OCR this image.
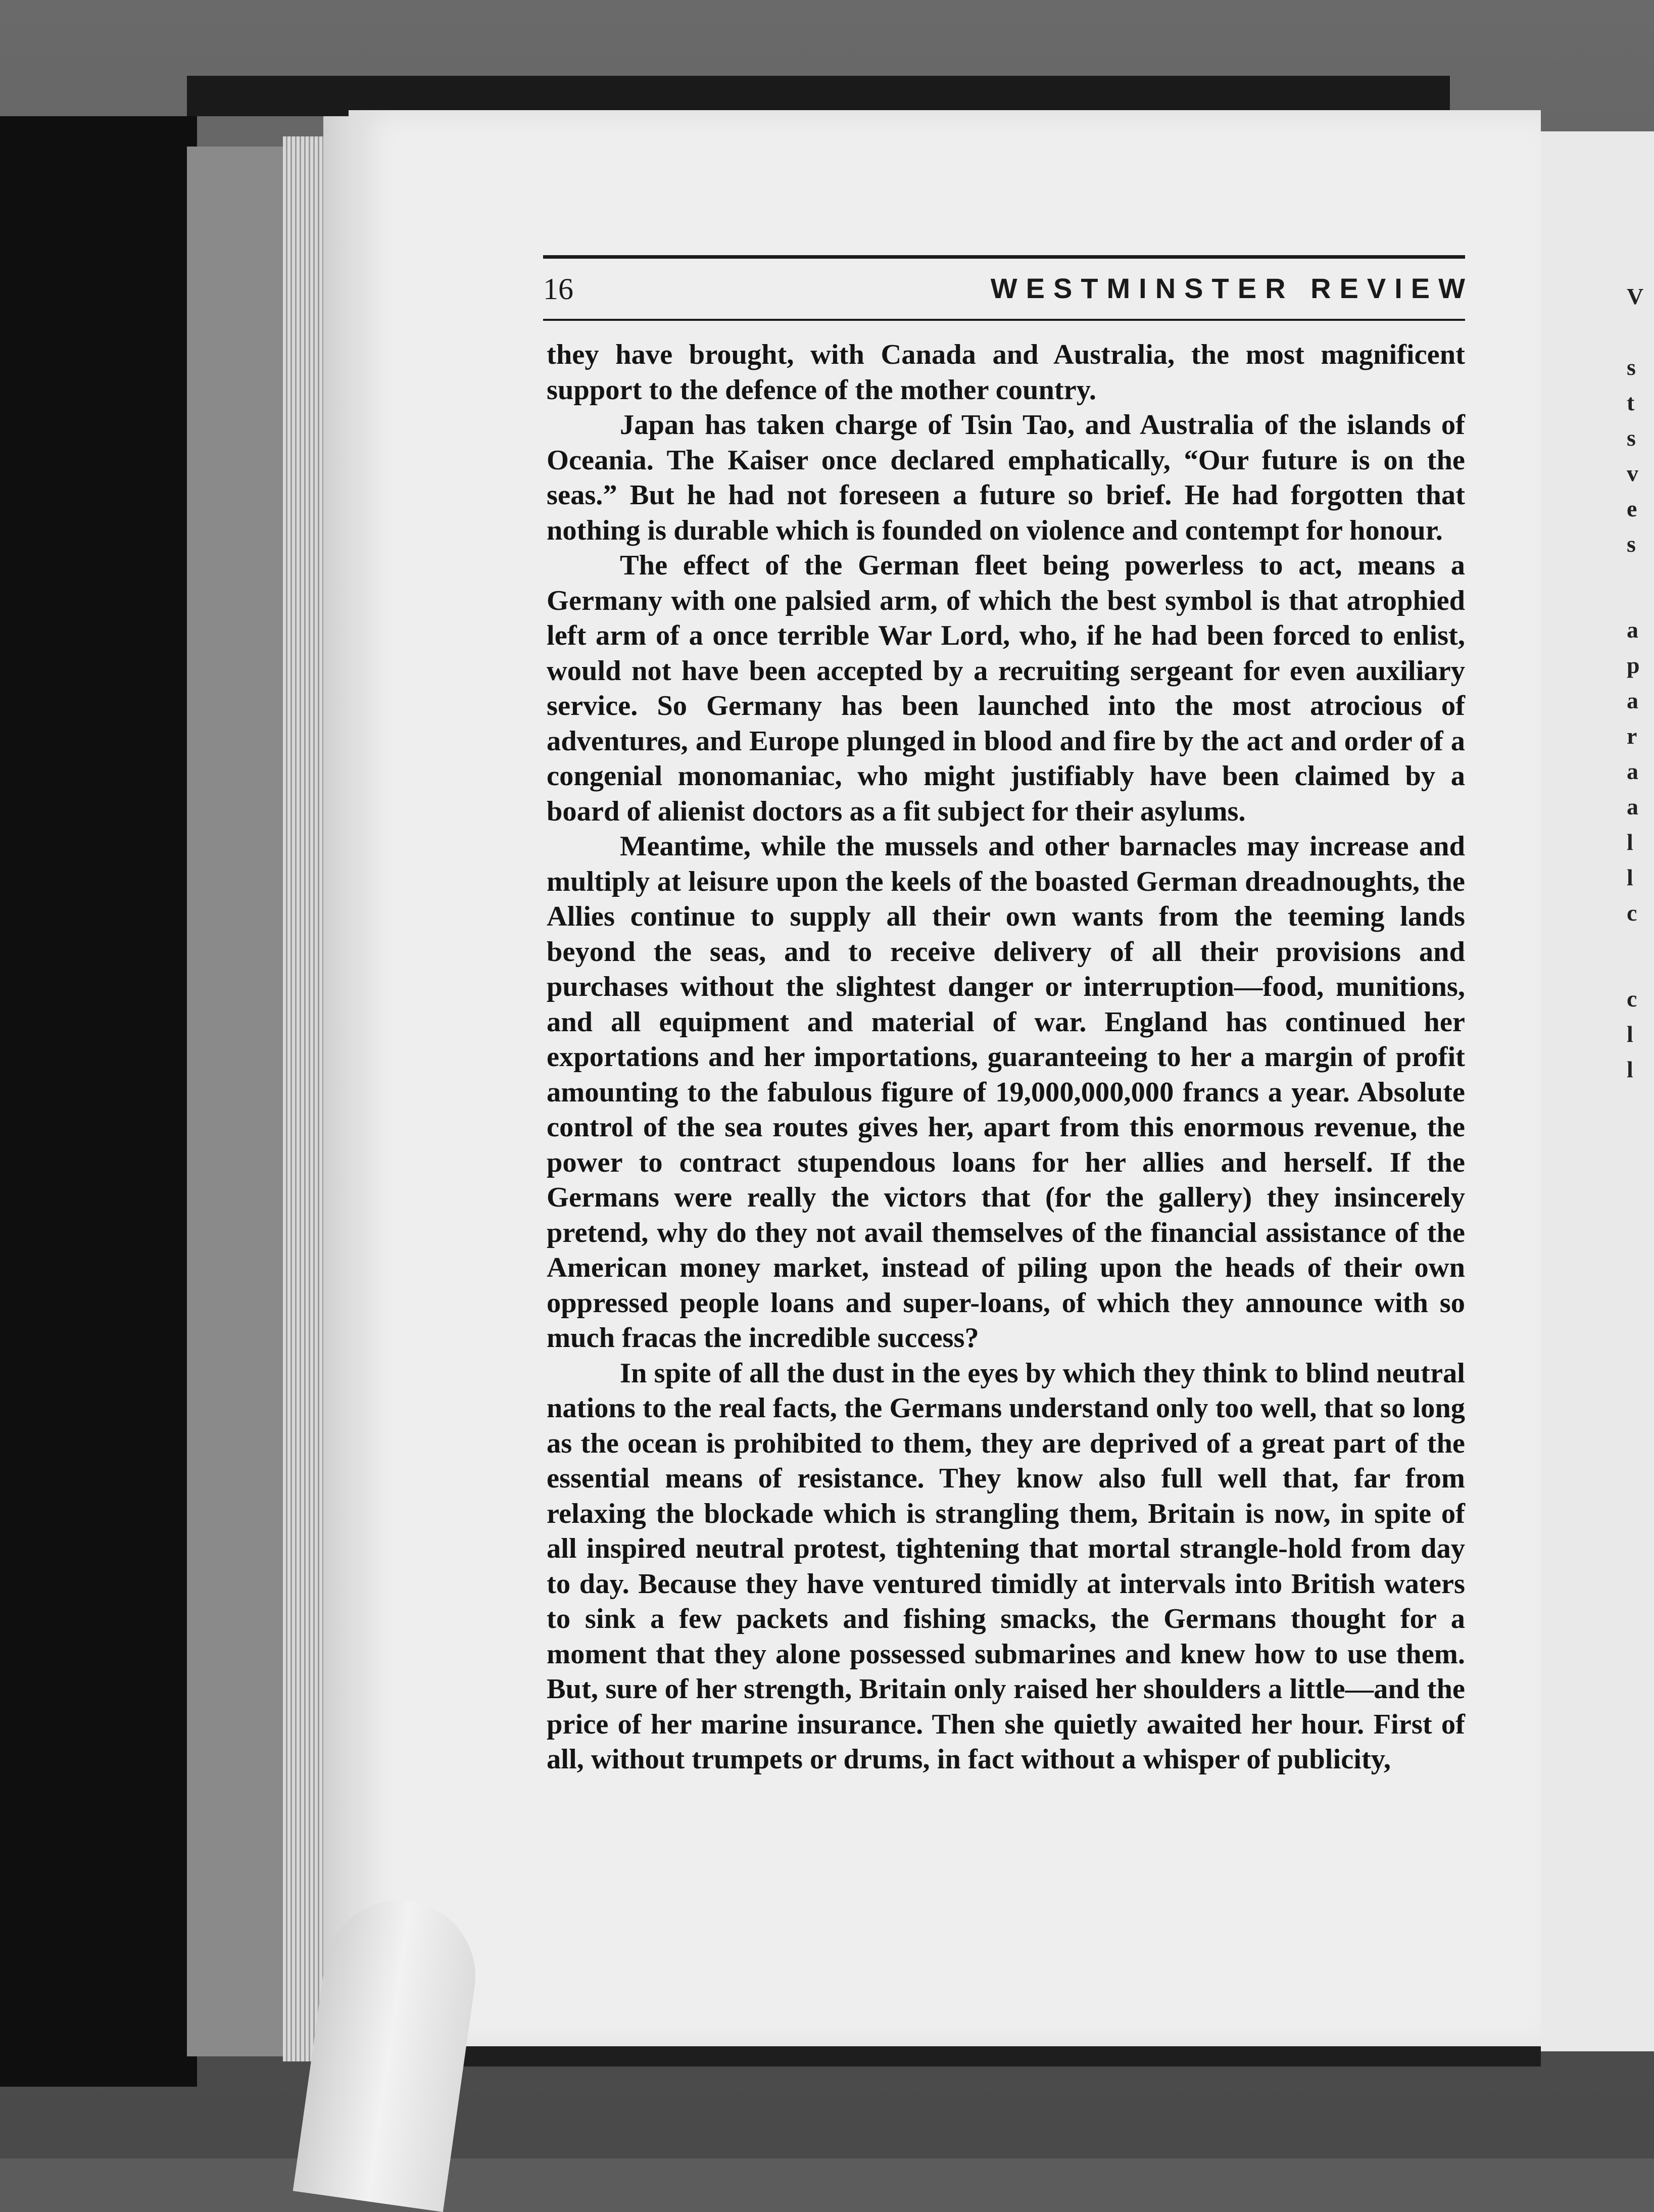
V
s
t
s
v
e
s
a
p
a
r
a
a
l
l
c
c
l
l
16	WESTMINSTER REVIEW

they have brought, with Canada and Australia, the most magnificent support to the defence of the mother country.

Japan has taken charge of Tsin Tao, and Australia of the islands of Oceania. The Kaiser once declared emphatically, “Our future is on the seas.” But he had not foreseen a future so brief. He had forgotten that nothing is durable which is founded on violence and contempt for honour.

The effect of the German fleet being powerless to act, means a Germany with one palsied arm, of which the best symbol is that atrophied left arm of a once terrible War Lord, who, if he had been forced to enlist, would not have been accepted by a recruiting sergeant for even auxiliary service. So Germany has been launched into the most atrocious of adventures, and Europe plunged in blood and fire by the act and order of a congenial monomaniac, who might justifiably have been claimed by a board of alienist doctors as a fit subject for their asylums.

Meantime, while the mussels and other barnacles may increase and multiply at leisure upon the keels of the boasted German dreadnoughts, the Allies continue to supply all their own wants from the teeming lands beyond the seas, and to receive delivery of all their provisions and purchases without the slightest danger or interruption—food, munitions, and all equipment and material of war. England has continued her exportations and her importations, guaranteeing to her a margin of profit amounting to the fabulous figure of 19,000,000,000 francs a year. Absolute control of the sea routes gives her, apart from this enormous revenue, the power to contract stupendous loans for her allies and herself. If the Germans were really the victors that (for the gallery) they insincerely pretend, why do they not avail themselves of the financial assistance of the American money market, instead of piling upon the heads of their own oppressed people loans and super-loans, of which they announce with so much fracas the incredible success?

In spite of all the dust in the eyes by which they think to blind neutral nations to the real facts, the Germans understand only too well, that so long as the ocean is prohibited to them, they are deprived of a great part of the essential means of resistance. They know also full well that, far from relaxing the blockade which is strangling them, Britain is now, in spite of all inspired neutral protest, tightening that mortal strangle-hold from day to day. Because they have ventured timidly at intervals into British waters to sink a few packets and fishing smacks, the Germans thought for a moment that they alone possessed submarines and knew how to use them. But, sure of her strength, Britain only raised her shoulders a little—and the price of her marine insurance. Then she quietly awaited her hour. First of all, without trumpets or drums, in fact without a whisper of publicity,
